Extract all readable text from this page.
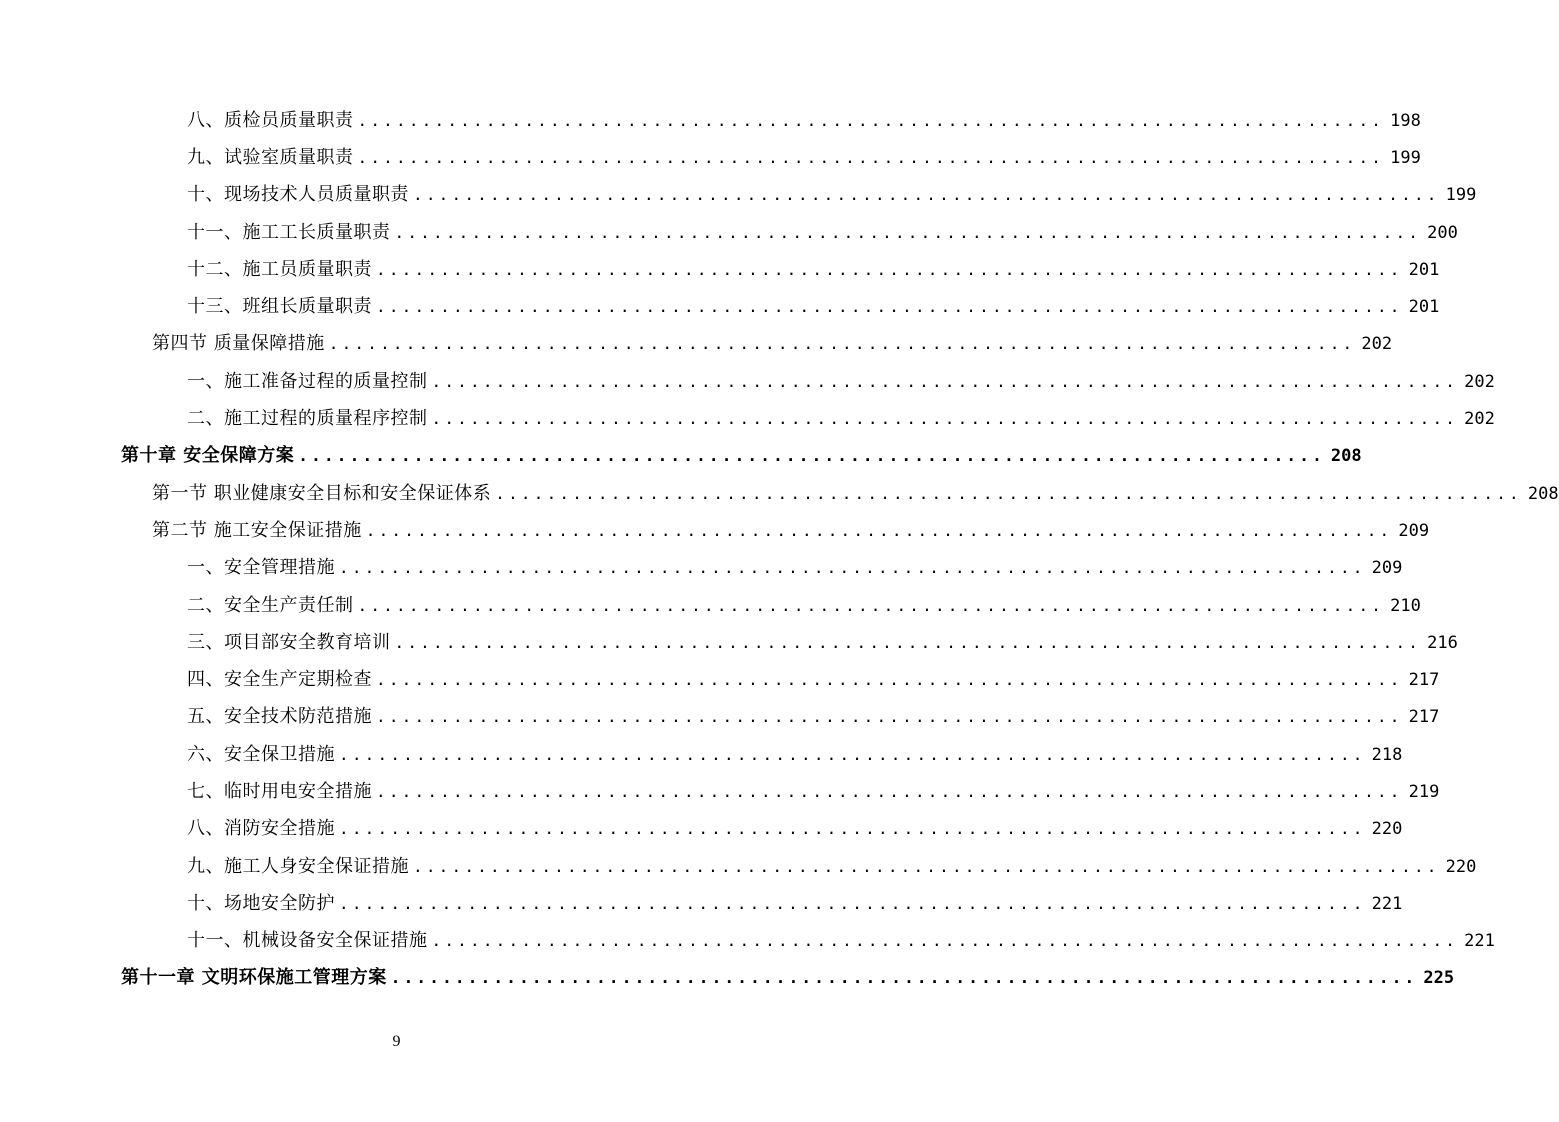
八、质检员质量职责 ................................................................................ 198
九、试验室质量职责 ................................................................................ 199
十、现场技术人员质量职责 ................................................................................ 199
十一、施工工长质量职责 ................................................................................ 200
十二、施工员质量职责 ................................................................................ 201
十三、班组长质量职责 ................................................................................ 201
第四节 质量保障措施 ................................................................................ 202
一、施工准备过程的质量控制 ................................................................................ 202
二、施工过程的质量程序控制 ................................................................................ 202
第十章 安全保障方案 ................................................................................ 208
第一节 职业健康安全目标和安全保证体系 ................................................................................ 208
第二节 施工安全保证措施 ................................................................................ 209
一、安全管理措施 ................................................................................ 209
二、安全生产责任制 ................................................................................ 210
三、项目部安全教育培训 ................................................................................ 216
四、安全生产定期检查 ................................................................................ 217
五、安全技术防范措施 ................................................................................ 217
六、安全保卫措施 ................................................................................ 218
七、临时用电安全措施 ................................................................................ 219
八、消防安全措施 ................................................................................ 220
九、施工人身安全保证措施 ................................................................................ 220
十、场地安全防护 ................................................................................ 221
十一、机械设备安全保证措施 ................................................................................ 221
第十一章 文明环保施工管理方案 ................................................................................ 225
9
